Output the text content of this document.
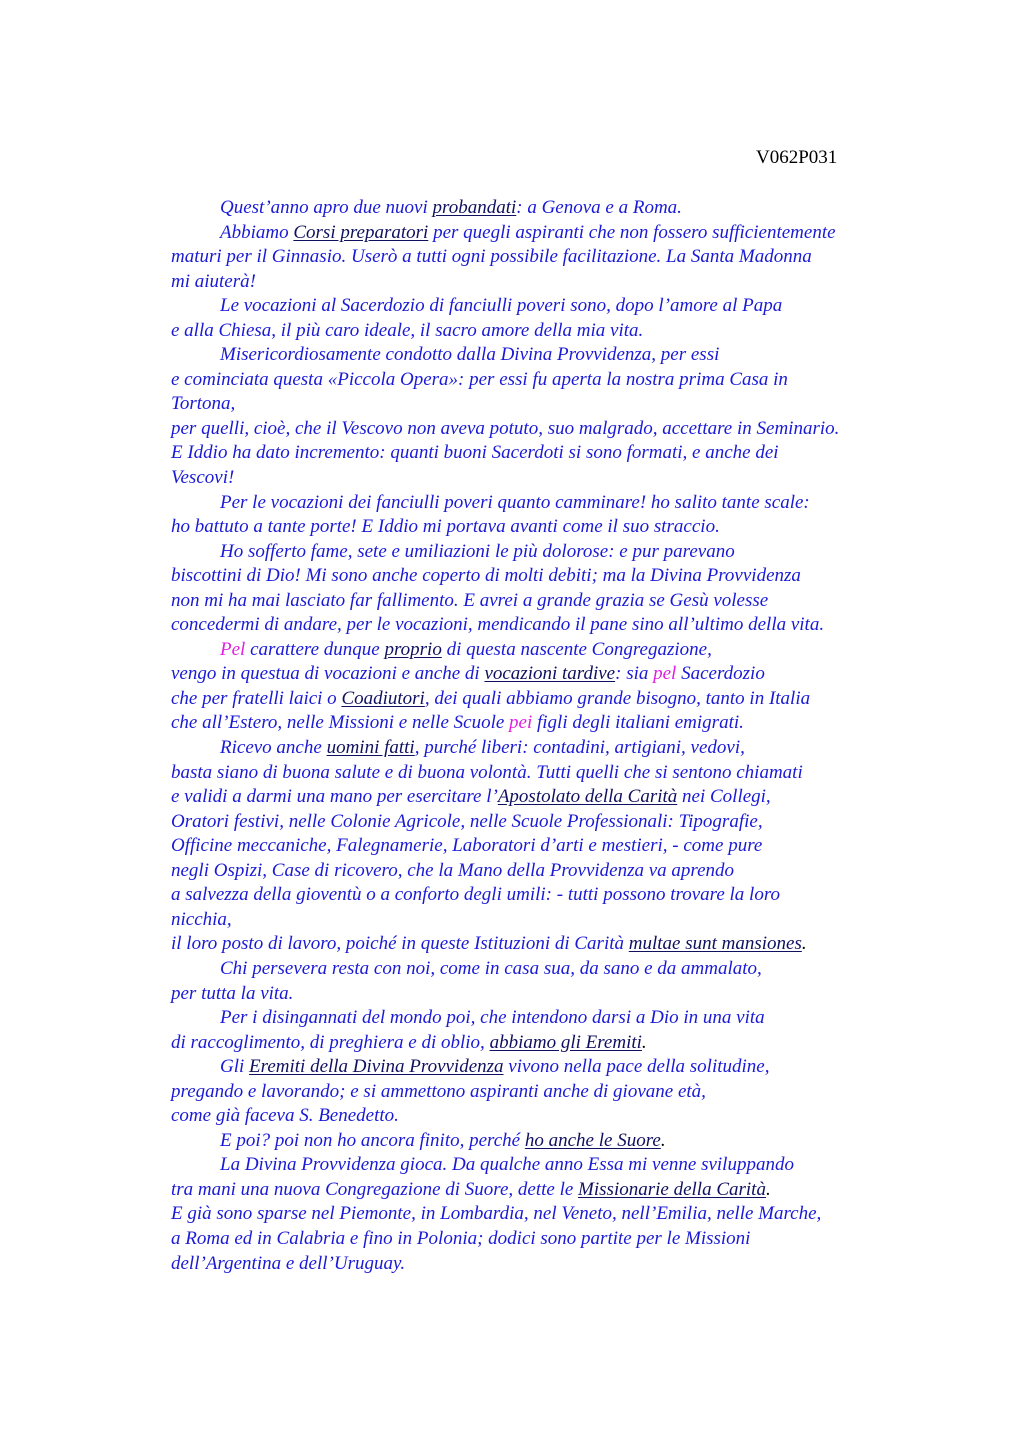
V062P031
Quest’anno apro due nuovi probandati: a Genova e a Roma.
Abbiamo Corsi preparatori per quegli aspiranti che non fossero sufficientemente
maturi per il Ginnasio. Userò a tutti ogni possibile facilitazione. La Santa Madonna
mi aiuterà!
Le vocazioni al Sacerdozio di fanciulli poveri sono, dopo l’amore al Papa
e alla Chiesa, il più caro ideale, il sacro amore della mia vita.
Misericordiosamente condotto dalla Divina Provvidenza, per essi
e cominciata questa «Piccola Opera»: per essi fu aperta la nostra prima Casa in
Tortona,
per quelli, cioè, che il Vescovo non aveva potuto, suo malgrado, accettare in Seminario.
E Iddio ha dato incremento: quanti buoni Sacerdoti si sono formati, e anche dei
Vescovi!
Per le vocazioni dei fanciulli poveri quanto camminare! ho salito tante scale:
ho battuto a tante porte! E Iddio mi portava avanti come il suo straccio.
Ho sofferto fame, sete e umiliazioni le più dolorose: e pur parevano
biscottini di Dio! Mi sono anche coperto di molti debiti; ma la Divina Provvidenza
non mi ha mai lasciato far fallimento. E avrei a grande grazia se Gesù volesse
concedermi di andare, per le vocazioni, mendicando il pane sino all’ultimo della vita.
Pel carattere dunque proprio di questa nascente Congregazione,
vengo in questua di vocazioni e anche di vocazioni tardive: sia pel Sacerdozio
che per fratelli laici o Coadiutori, dei quali abbiamo grande bisogno, tanto in Italia
che all’Estero, nelle Missioni e nelle Scuole pei figli degli italiani emigrati.
Ricevo anche uomini fatti, purché liberi: contadini, artigiani, vedovi,
basta siano di buona salute e di buona volontà. Tutti quelli che si sentono chiamati
e validi a darmi una mano per esercitare l’Apostolato della Carità nei Collegi,
Oratori festivi, nelle Colonie Agricole, nelle Scuole Professionali: Tipografie,
Officine meccaniche, Falegnamerie, Laboratori d’arti e mestieri, - come pure
negli Ospizi, Case di ricovero, che la Mano della Provvidenza va aprendo
a salvezza della gioventù o a conforto degli umili: - tutti possono trovare la loro
nicchia,
il loro posto di lavoro, poiché in queste Istituzioni di Carità multae sunt mansiones.
Chi persevera resta con noi, come in casa sua, da sano e da ammalato,
per tutta la vita.
Per i disingannati del mondo poi, che intendono darsi a Dio in una vita
di raccoglimento, di preghiera e di oblio, abbiamo gli Eremiti.
Gli Eremiti della Divina Provvidenza vivono nella pace della solitudine,
pregando e lavorando; e si ammettono aspiranti anche di giovane età,
come già faceva S. Benedetto.
E poi? poi non ho ancora finito, perché ho anche le Suore.
La Divina Provvidenza gioca. Da qualche anno Essa mi venne sviluppando
tra mani una nuova Congregazione di Suore, dette le Missionarie della Carità.
E già sono sparse nel Piemonte, in Lombardia, nel Veneto, nell’Emilia, nelle Marche,
a Roma ed in Calabria e fino in Polonia; dodici sono partite per le Missioni
dell’Argentina e dell’Uruguay.
